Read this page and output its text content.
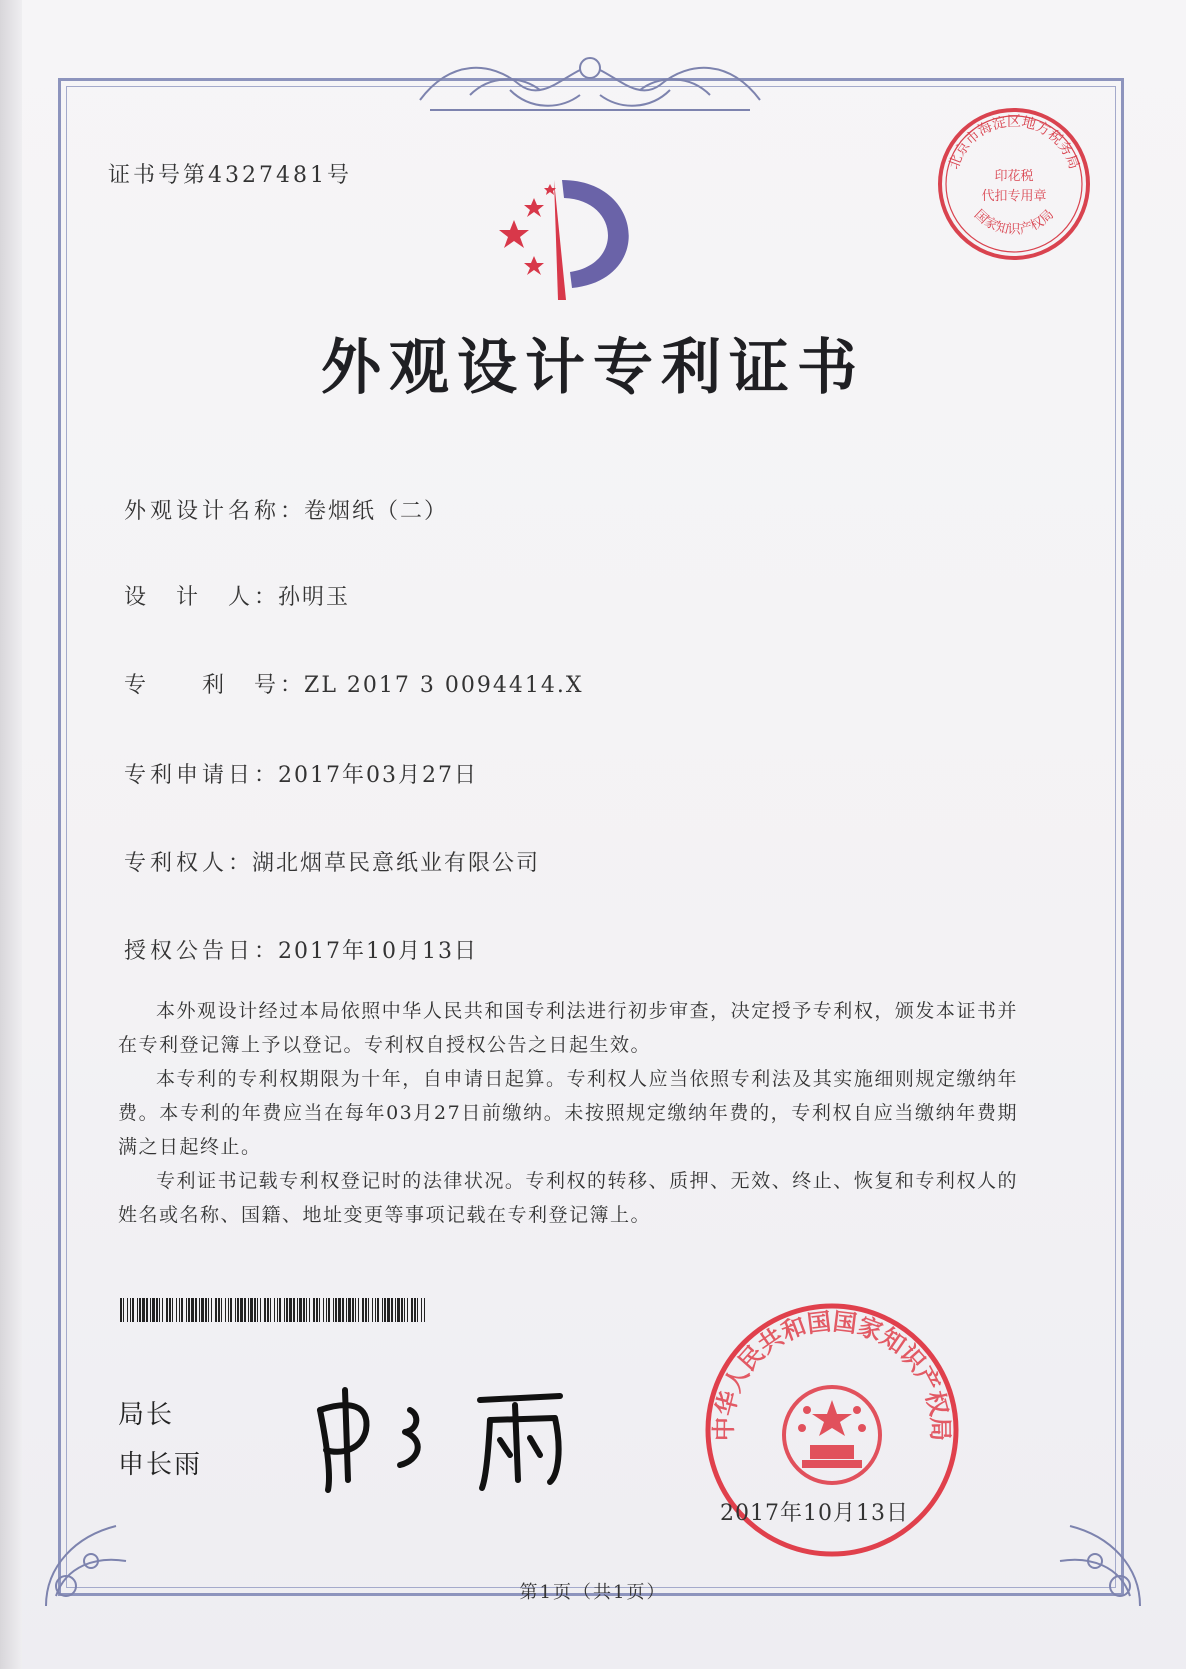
证书号第4327481号
北京市海淀区地方税务局
印花税
代扣专用章
国家知识产权局
外观设计专利证书
外观设计名称：卷烟纸（二）
设　计　人：孙明玉
专　　利　号：ZL 2017 3 0094414.X
专利申请日：2017年03月27日
专利权人：湖北烟草民意纸业有限公司
授权公告日：2017年10月13日

本外观设计经过本局依照中华人民共和国专利法进行初步审查，决定授予专利权，颁发本证书并在专利登记簿上予以登记。专利权自授权公告之日起生效。

本专利的专利权期限为十年，自申请日起算。专利权人应当依照专利法及其实施细则规定缴纳年费。本专利的年费应当在每年03月27日前缴纳。未按照规定缴纳年费的，专利权自应当缴纳年费期满之日起终止。

专利证书记载专利权登记时的法律状况。专利权的转移、质押、无效、终止、恢复和专利权人的姓名或名称、国籍、地址变更等事项记载在专利登记簿上。

局长
申长雨
中华人民共和国国家知识产权局
2017年10月13日
第1页（共1页）
